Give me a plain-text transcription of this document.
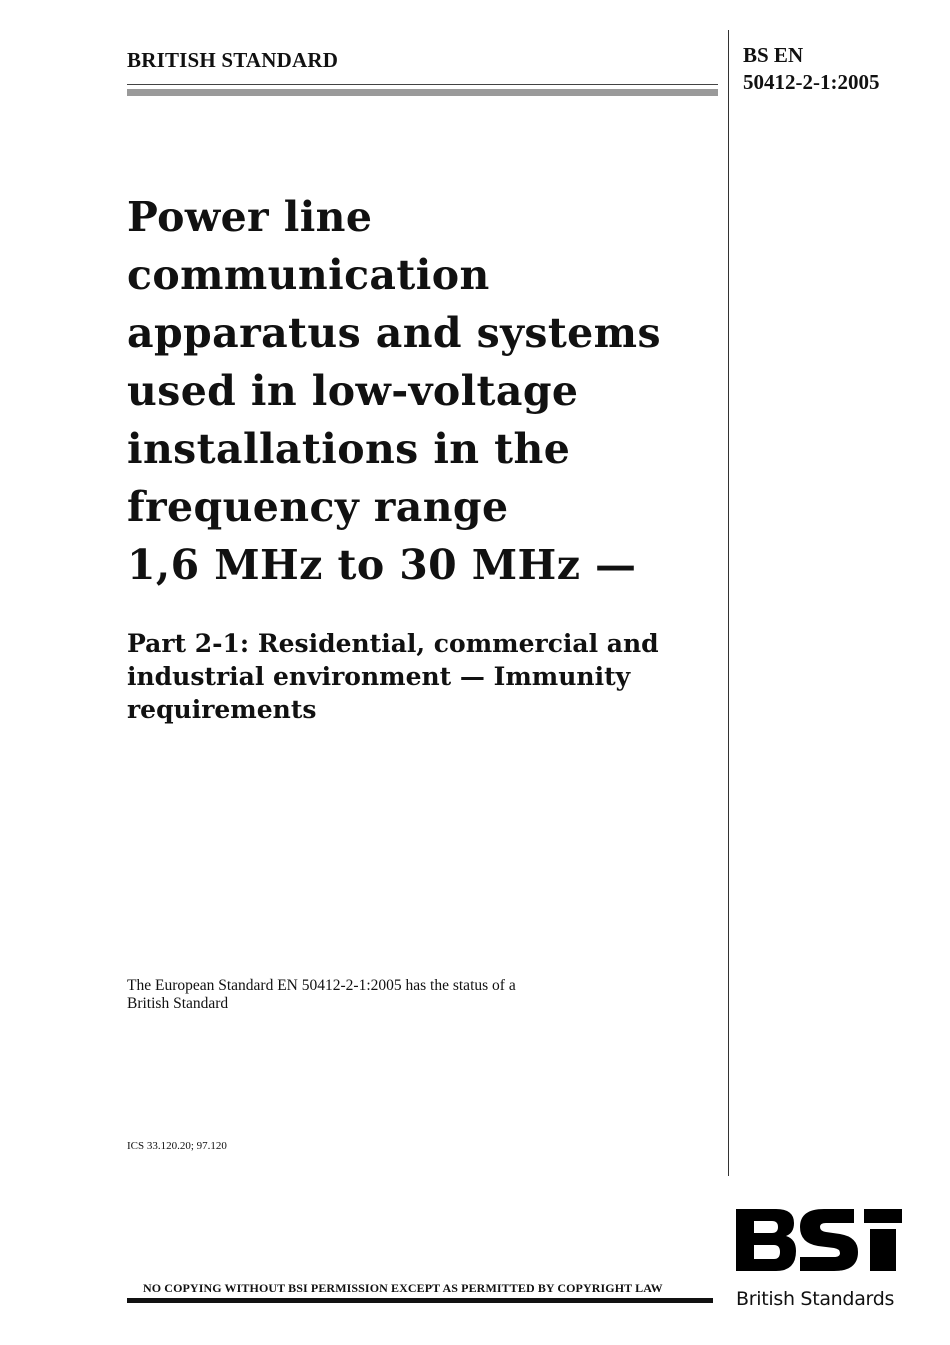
BRITISH STANDARD	BS EN
50412-2-1:2005
Power line
communication
apparatus and systems
used in low-voltage
installations in the
frequency range
1,6 MHz to 30 MHz —
Part 2-1: Residential, commercial and
industrial environment — Immunity
requirements
The European Standard EN 50412-2-1:2005 has the status of a
British Standard
ICS 33.120.20; 97.120
NO COPYING WITHOUT BSI PERMISSION EXCEPT AS PERMITTED BY COPYRIGHT LAW	British Standards
